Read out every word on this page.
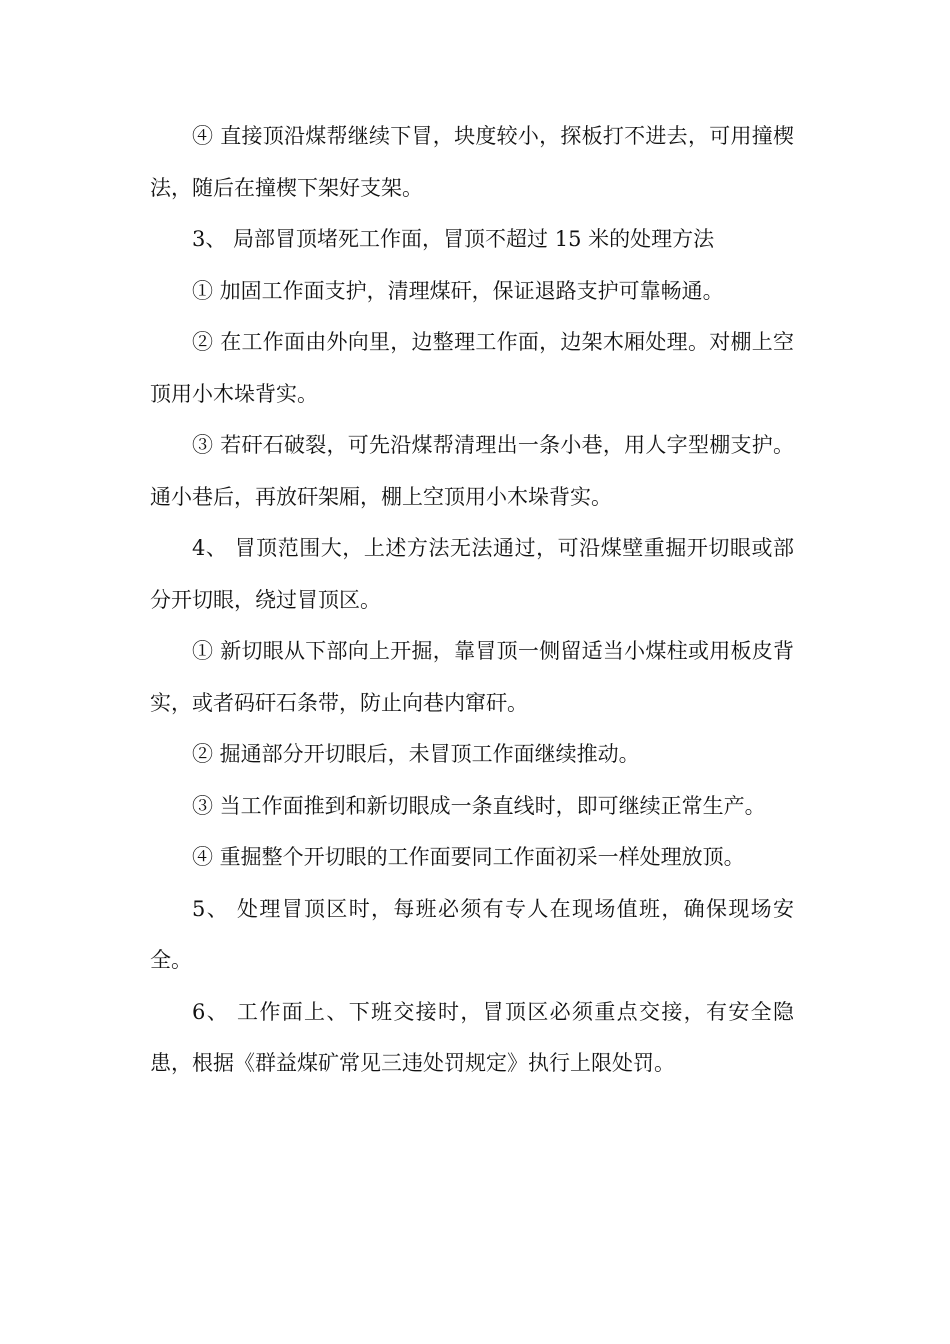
④ 直接顶沿煤帮继续下冒，块度较小，探板打不进去，可用撞楔法，随后在撞楔下架好支架。

3、 局部冒顶堵死工作面，冒顶不超过 15 米的处理方法

① 加固工作面支护，清理煤矸，保证退路支护可靠畅通。

② 在工作面由外向里，边整理工作面，边架木厢处理。对棚上空顶用小木垛背实。

③ 若矸石破裂，可先沿煤帮清理出一条小巷，用人字型棚支护。通小巷后，再放矸架厢，棚上空顶用小木垛背实。

4、 冒顶范围大，上述方法无法通过，可沿煤壁重掘开切眼或部分开切眼，绕过冒顶区。

① 新切眼从下部向上开掘，靠冒顶一侧留适当小煤柱或用板皮背实，或者码矸石条带，防止向巷内窜矸。

② 掘通部分开切眼后，未冒顶工作面继续推动。

③ 当工作面推到和新切眼成一条直线时，即可继续正常生产。

④ 重掘整个开切眼的工作面要同工作面初采一样处理放顶。

5、 处理冒顶区时，每班必须有专人在现场值班，确保现场安全。

6、 工作面上、下班交接时，冒顶区必须重点交接，有安全隐患，根据《群益煤矿常见三违处罚规定》执行上限处罚。
